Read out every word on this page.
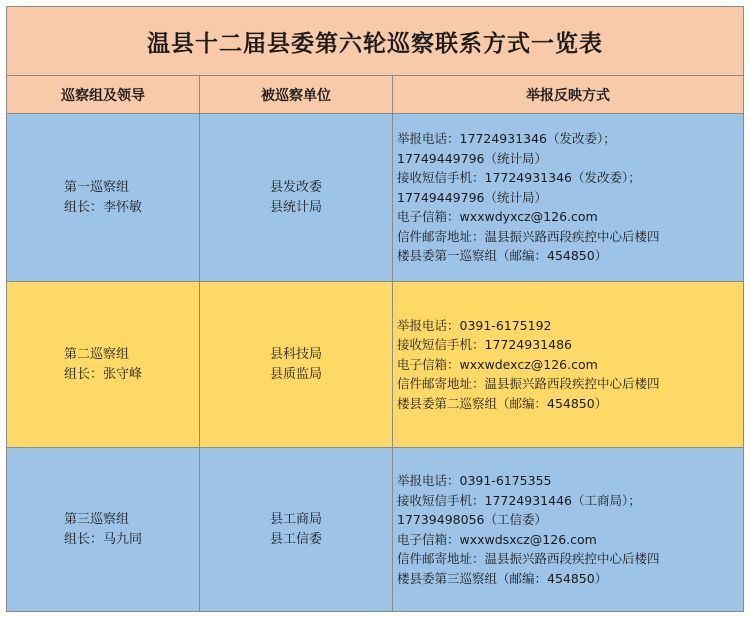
温县十二届县委第六轮巡察联系方式一览表
巡察组及领导	被巡察单位	举报反映方式
第一巡察组
组长：李怀敏
县发改委
县统计局
举报电话：17724931346（发改委）；
17749449796（统计局）
接收短信手机：17724931346（发改委）；
17749449796（统计局）
电子信箱：wxxwdyxcz@126.com
信件邮寄地址：温县振兴路西段疾控中心后楼四
楼县委第一巡察组（邮编：454850）
第二巡察组
组长：张守峰
县科技局
县质监局
举报电话：0391-6175192
接收短信手机：17724931486
电子信箱：wxxwdexcz@126.com
信件邮寄地址：温县振兴路西段疾控中心后楼四
楼县委第二巡察组（邮编：454850）
第三巡察组
组长：马九同
县工商局
县工信委
举报电话：0391-6175355
接收短信手机：17724931446（工商局）；
17739498056（工信委）
电子信箱：wxxwdsxcz@126.com
信件邮寄地址：温县振兴路西段疾控中心后楼四
楼县委第三巡察组（邮编：454850）
